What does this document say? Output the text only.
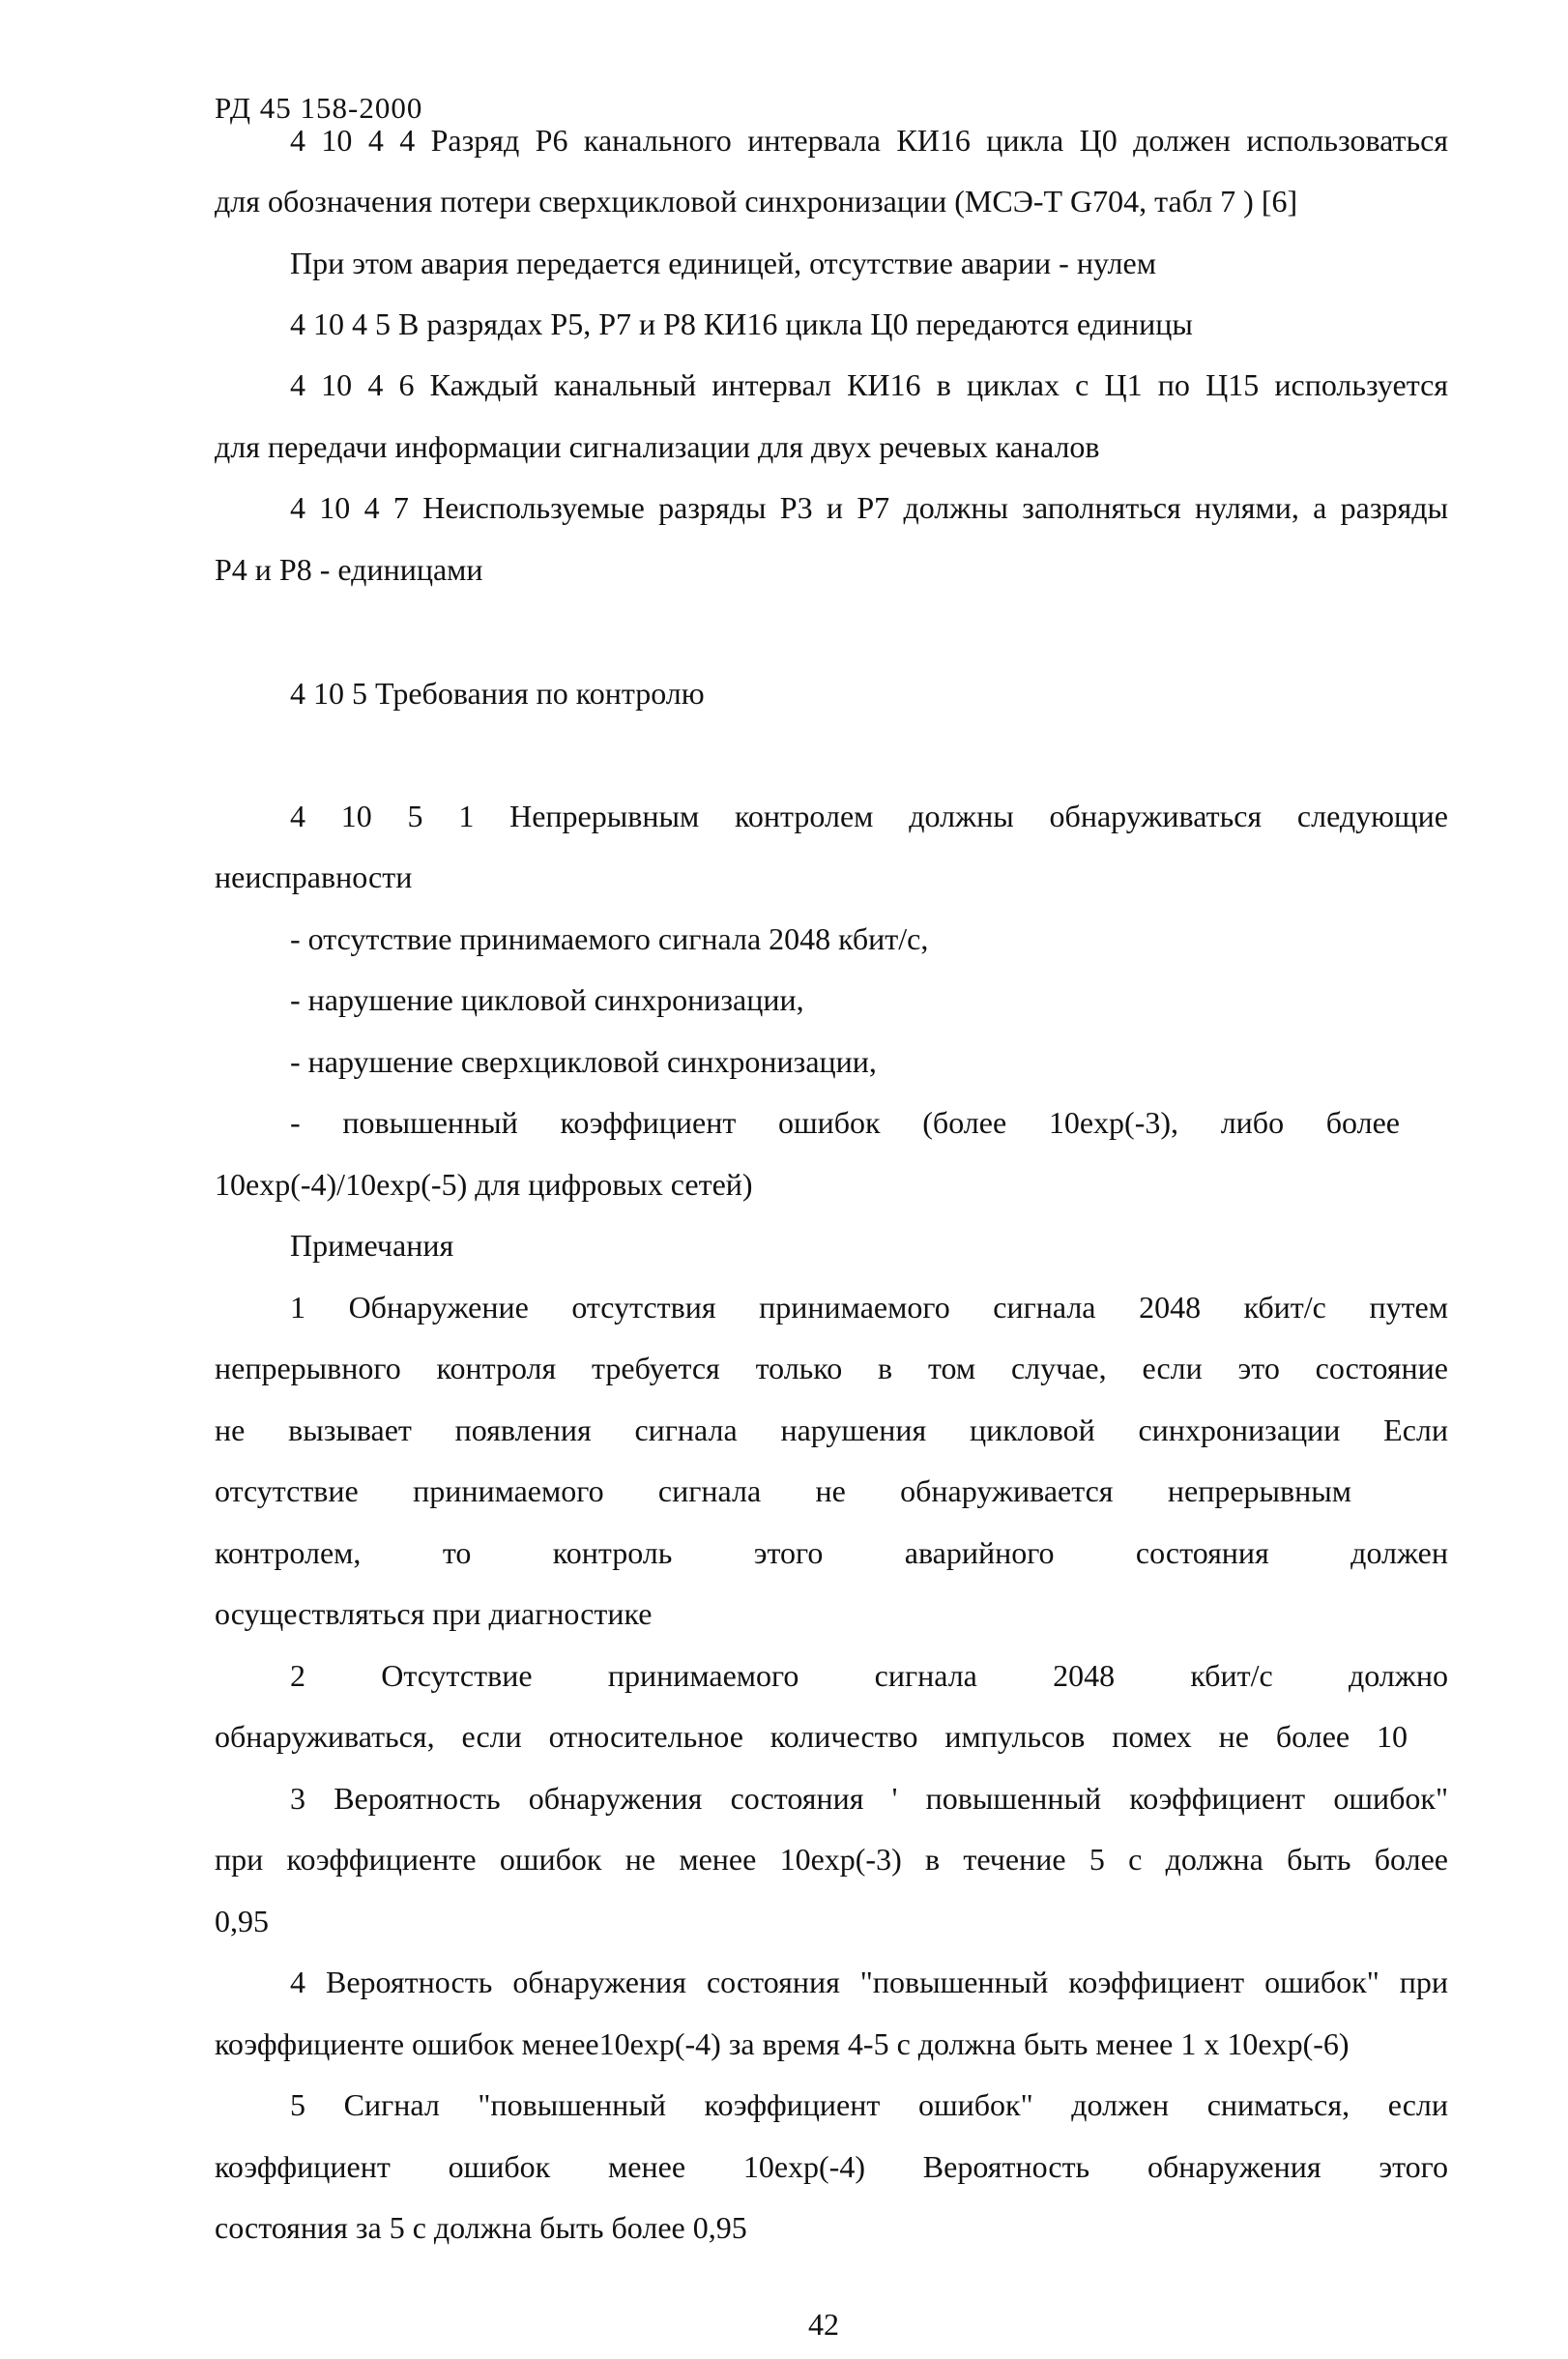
РД 45 158-2000
4 10 4 4 Разряд Р6 канального интервала КИ16 цикла Ц0 должен использоваться
для обозначения потери сверхцикловой синхронизации (МСЭ-Т G704, табл 7 ) [6]
При этом авария передается единицей, отсутствие аварии - нулем
4 10 4 5 В разрядах Р5, Р7 и Р8 КИ16 цикла Ц0 передаются единицы
4 10 4 6 Каждый канальный интервал КИ16 в циклах с Ц1 по Ц15 используется
для передачи информации сигнализации для двух речевых каналов
4 10 4 7 Неиспользуемые разряды Р3 и Р7 должны заполняться нулями, а разряды
Р4 и Р8 - единицами
4 10 5 Требования по контролю
4 10 5 1 Непрерывным контролем должны обнаруживаться следующие
неисправности
- отсутствие принимаемого сигнала 2048 кбит/с,
- нарушение цикловой синхронизации,
- нарушение сверхцикловой синхронизации,
- повышенный коэффициент ошибок (более 10exp(-3), либо более
10exp(-4)/10exp(-5) для цифровых сетей)
Примечания
1 Обнаружение отсутствия принимаемого сигнала 2048 кбит/с путем
непрерывного контроля требуется только в том случае, если это состояние
не вызывает появления сигнала нарушения цикловой синхронизации Если
отсутствие принимаемого сигнала не обнаруживается непрерывным
контролем, то контроль этого аварийного состояния должен
осуществляться при диагностике
2 Отсутствие принимаемого сигнала 2048 кбит/с должно
обнаруживаться, если относительное количество импульсов помех не более 10
3 Вероятность обнаружения состояния ' повышенный коэффициент ошибок"
при коэффициенте ошибок не менее 10exp(-3) в течение 5 с должна быть более
0,95
4 Вероятность обнаружения состояния "повышенный коэффициент ошибок" при
коэффициенте ошибок менее10exp(-4) за время 4-5 с должна быть менее 1 х 10exp(-6)
5 Сигнал "повышенный коэффициент ошибок" должен сниматься, если
коэффициент ошибок менее 10exp(-4) Вероятность обнаружения этого
состояния за 5 с должна быть более 0,95
42
